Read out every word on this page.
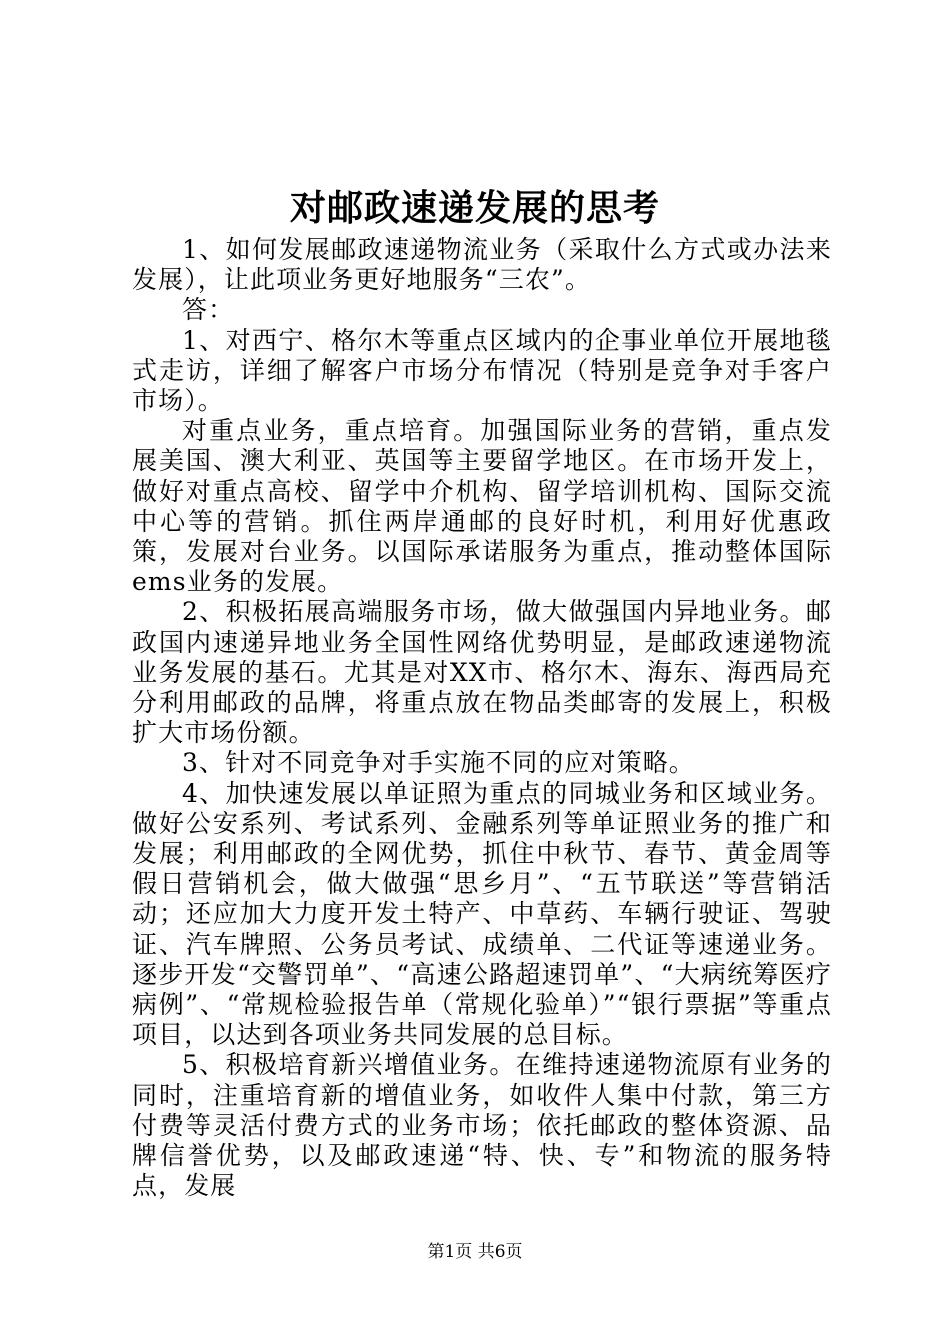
对邮政速递发展的思考

1、如何发展邮政速递物流业务（采取什么方式或办法来发展），让此项业务更好地服务“三农”。

答：

1、对西宁、格尔木等重点区域内的企事业单位开展地毯式走访，详细了解客户市场分布情况（特别是竞争对手客户市场）。

对重点业务，重点培育。加强国际业务的营销，重点发展美国、澳大利亚、英国等主要留学地区。在市场开发上，做好对重点高校、留学中介机构、留学培训机构、国际交流中心等的营销。抓住两岸通邮的良好时机，利用好优惠政策，发展对台业务。以国际承诺服务为重点，推动整体国际ems业务的发展。

2、积极拓展高端服务市场，做大做强国内异地业务。邮政国内速递异地业务全国性网络优势明显，是邮政速递物流业务发展的基石。尤其是对XX市、格尔木、海东、海西局充分利用邮政的品牌，将重点放在物品类邮寄的发展上，积极扩大市场份额。

3、针对不同竞争对手实施不同的应对策略。

4、加快速发展以单证照为重点的同城业务和区域业务。做好公安系列、考试系列、金融系列等单证照业务的推广和发展；利用邮政的全网优势，抓住中秋节、春节、黄金周等假日营销机会，做大做强“思乡月”、“五节联送”等营销活动；还应加大力度开发土特产、中草药、车辆行驶证、驾驶证、汽车牌照、公务员考试、成绩单、二代证等速递业务。逐步开发“交警罚单”、“高速公路超速罚单”、“大病统筹医疗病例”、“常规检验报告单（常规化验单）”“银行票据”等重点项目，以达到各项业务共同发展的总目标。

5、积极培育新兴增值业务。在维持速递物流原有业务的同时，注重培育新的增值业务，如收件人集中付款，第三方付费等灵活付费方式的业务市场；依托邮政的整体资源、品牌信誉优势，以及邮政速递“特、快、专”和物流的服务特点，发展

第1页 共6页
